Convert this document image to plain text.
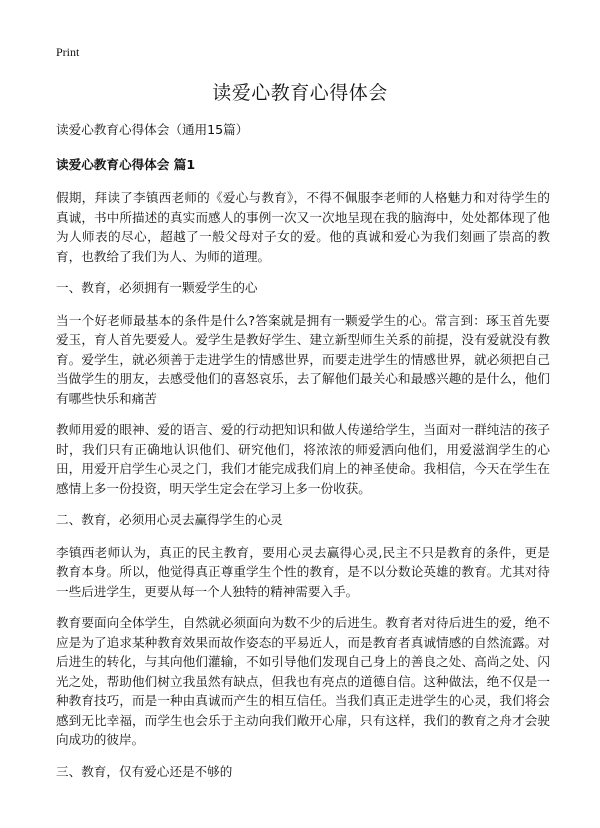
Print
读爱心教育心得体会

读爱心教育心得体会（通用15篇）

读爱心教育心得体会 篇1

假期，拜读了李镇西老师的《爱心与教育》，不得不佩服李老师的人格魅力和对待学生的真诚，书中所描述的真实而感人的事例一次又一次地呈现在我的脑海中，处处都体现了他为人师表的尽心，超越了一般父母对子女的爱。他的真诚和爱心为我们刻画了崇高的教育，也教给了我们为人、为师的道理。

一、教育，必须拥有一颗爱学生的心

当一个好老师最基本的条件是什么?答案就是拥有一颗爱学生的心。常言到：琢玉首先要爱玉，育人首先要爱人。爱学生是教好学生、建立新型师生关系的前提，没有爱就没有教育。爱学生，就必须善于走进学生的情感世界，而要走进学生的情感世界，就必须把自己当做学生的朋友，去感受他们的喜怒哀乐，去了解他们最关心和最感兴趣的是什么，他们有哪些快乐和痛苦

教师用爱的眼神、爱的语言、爱的行动把知识和做人传递给学生，当面对一群纯洁的孩子时，我们只有正确地认识他们、研究他们，将浓浓的师爱洒向他们，用爱滋润学生的心田，用爱开启学生心灵之门，我们才能完成我们肩上的神圣使命。我相信，今天在学生在感情上多一份投资，明天学生定会在学习上多一份收获。

二、教育，必须用心灵去赢得学生的心灵

李镇西老师认为，真正的民主教育，要用心灵去赢得心灵,民主不只是教育的条件，更是教育本身。所以，他觉得真正尊重学生个性的教育，是不以分数论英雄的教育。尤其对待一些后进学生，更要从每一个人独特的精神需要入手。

教育要面向全体学生，自然就必须面向为数不少的后进生。教育者对待后进生的爱，绝不应是为了追求某种教育效果而故作姿态的平易近人，而是教育者真诚情感的自然流露。对后进生的转化，与其向他们灌输，不如引导他们发现自己身上的善良之处、高尚之处、闪光之处，帮助他们树立我虽然有缺点，但我也有亮点的道德自信。这种做法，绝不仅是一种教育技巧，而是一种由真诚而产生的相互信任。当我们真正走进学生的心灵，我们将会感到无比幸福，而学生也会乐于主动向我们敞开心扉，只有这样，我们的教育之舟才会驶向成功的彼岸。

三、教育，仅有爱心还是不够的
